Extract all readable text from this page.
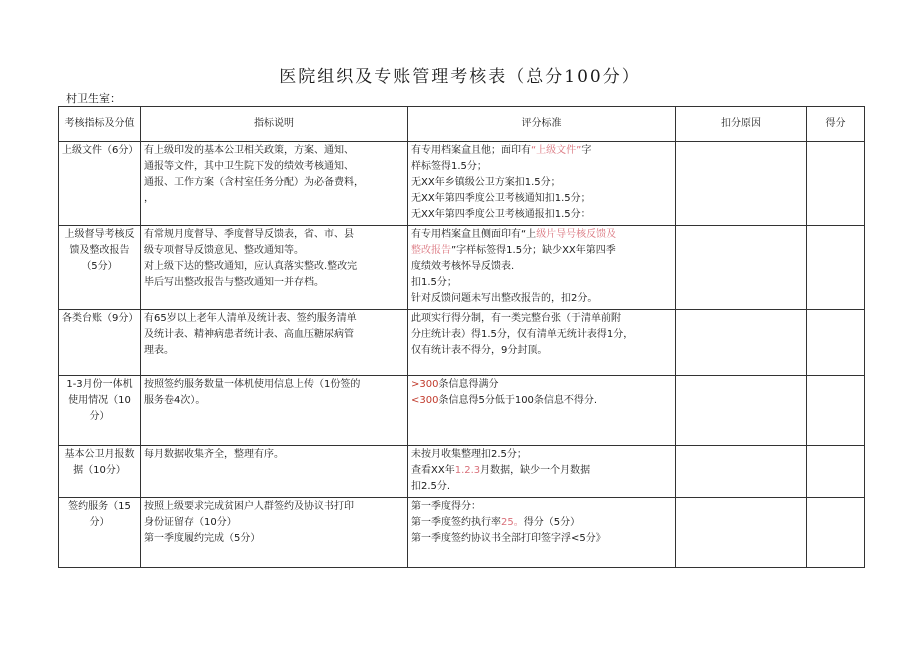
医院组织及专账管理考核表（总分100分）
村卫生室：
考核指标及分值	指标说明	评分标准	扣分原因	得分
上级文件（6分）	有上级印发的基本公卫相关政策，方案、通知、
通报等文件，其中卫生院下发的绩效考核通知、
通报、工作方案（含村室任务分配）为必备费料，
，	有专用档案盒且他；面印有“上级文件”字
样标签得1.5分；
无XX年乡镇级公卫方案扣1.5分；
无XX年第四季度公卫考核通知扣1.5分；
无XX年第四季度公卫考核通报扣1.5分：		

上级督导考核反馈及整改报告（5分）	有常规月度督导、季度督导反馈表，省、市、县
级专项督导反馈意见、整改通知等。
对上级下达的整改通知，应认真落实整改.整改完
毕后写出整改报告与整改通知一并存档。	有专用档案盒且侧面印有“上级片导号核反馈及
整改报告”字样标签得1.5分；缺少XX年第四季
度绩效考核怀导反馈表.
扣1.5分；
针对反馈问题未写出整改报告的，扣2分。		

各类台账（9分）	有65岁以上老年人清单及统计表、签约服务清单
及统计表、精神病患者统计表、高血压糖尿病管
理表。	此项实行得分制，有一类完整台张（于清单前附
分庄统计表）得1.5分，仅有清单无统计表得1分，
仅有统计表不得分，9分封顶。		

1-3月份一体机使用情况（10分）	按照签约服务数量一体机使用信息上传（1份签的
服务卷4次）。	>300条信息得满分
<300条信息得5分低于100条信息不得分.		

基本公卫月报数据（10分）	每月数据收集齐全，整理有序。	未按月收集整理扣2.5分；
查看XX年1.2.3月数据，缺少一个月数据
扣2.5分.		

签约服务（15分）	按照上级要求完成贫困户人群签约及协议书打印
身份证留存（10分）
第一季度履约完成（5分）	第一季度得分：
第一季度签约执行率25。得分（5分）
第一季度签约协议书全部打印签字浮<5分》		
